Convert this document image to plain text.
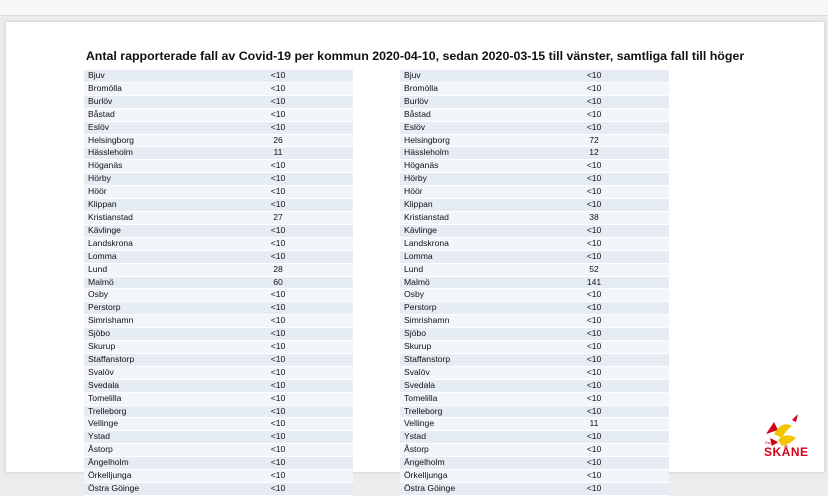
Antal rapporterade fall av Covid-19 per kommun 2020-04-10, sedan 2020-03-15 till vänster, samtliga fall till höger
Bjuv	<10
Bromölla	<10
Burlöv	<10
Båstad	<10
Eslöv	<10
Helsingborg	26
Hässleholm	11
Höganäs	<10
Hörby	<10
Höör	<10
Klippan	<10
Kristianstad	27
Kävlinge	<10
Landskrona	<10
Lomma	<10
Lund	28
Malmö	60
Osby	<10
Perstorp	<10
Simrishamn	<10
Sjöbo	<10
Skurup	<10
Staffanstorp	<10
Svalöv	<10
Svedala	<10
Tomelilla	<10
Trelleborg	<10
Vellinge	<10
Ystad	<10
Åstorp	<10
Ängelholm	<10
Örkelljunga	<10
Östra Göinge	<10
Bjuv	<10
Bromölla	<10
Burlöv	<10
Båstad	<10
Eslöv	<10
Helsingborg	72
Hässleholm	12
Höganäs	<10
Hörby	<10
Höör	<10
Klippan	<10
Kristianstad	38
Kävlinge	<10
Landskrona	<10
Lomma	<10
Lund	52
Malmö	141
Osby	<10
Perstorp	<10
Simrishamn	<10
Sjöbo	<10
Skurup	<10
Staffanstorp	<10
Svalöv	<10
Svedala	<10
Tomelilla	<10
Trelleborg	<10
Vellinge	11
Ystad	<10
Åstorp	<10
Ängelholm	<10
Örkelljunga	<10
Östra Göinge	<10
Region
SKÅNE
